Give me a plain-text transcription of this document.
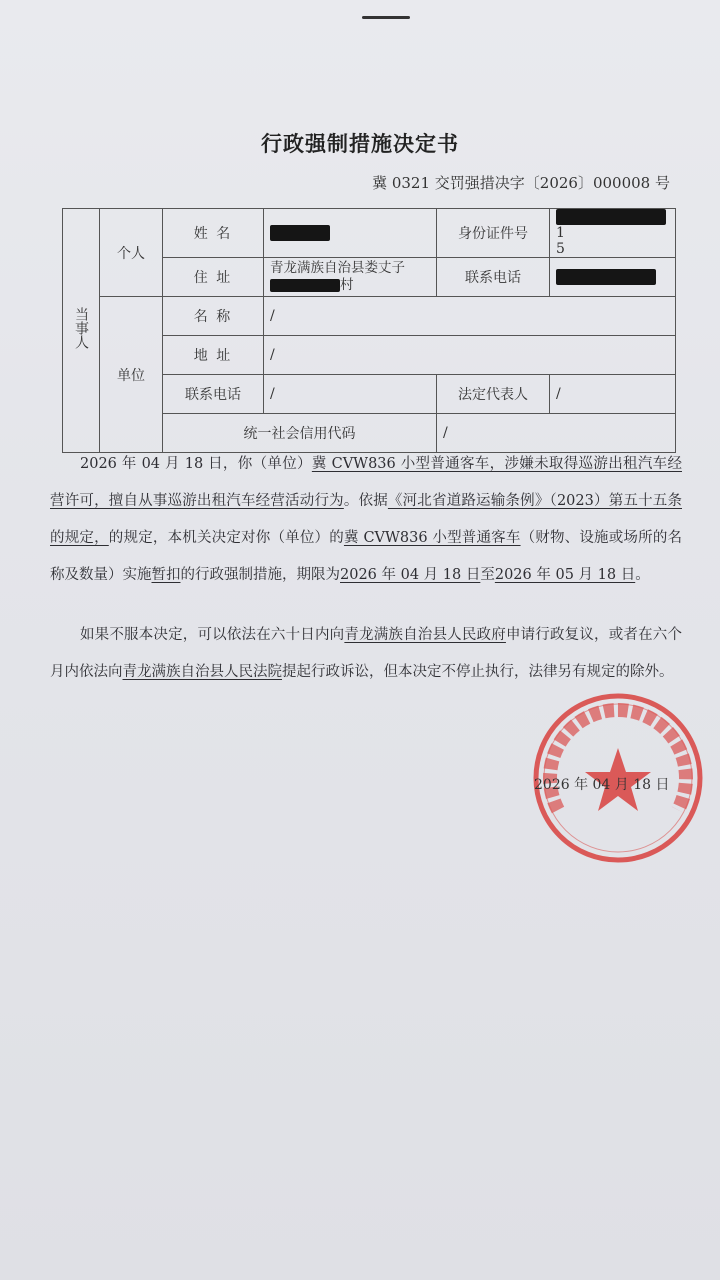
行政强制措施决定书
冀 0321 交罚强措决字〔2026〕000008 号
当事人	个人	姓 名		身份证件号	1
5
		住 址	青龙满族自治县娄丈子
村	联系电话	
	单位	名 称	/		
		地 址	/		
		联系电话	/	法定代表人	/
		统一社会信用代码		/	
2026 年 04 月 18 日，你（单位）冀 CVW836 小型普通客车，涉嫌未取得巡游出租汽车经营许可，擅自从事巡游出租汽车经营活动行为。依据《河北省道路运输条例》（2023）第五十五条的规定，的规定，本机关决定对你（单位）的冀 CVW836 小型普通客车（财物、设施或场所的名称及数量）实施暂扣的行政强制措施，期限为2026 年 04 月 18 日至2026 年 05 月 18 日。
如果不服本决定，可以依法在六十日内向青龙满族自治县人民政府申请行政复议，或者在六个月内依法向青龙满族自治县人民法院提起行政诉讼，但本决定不停止执行，法律另有规定的除外。
2026 年 04 月 18 日
